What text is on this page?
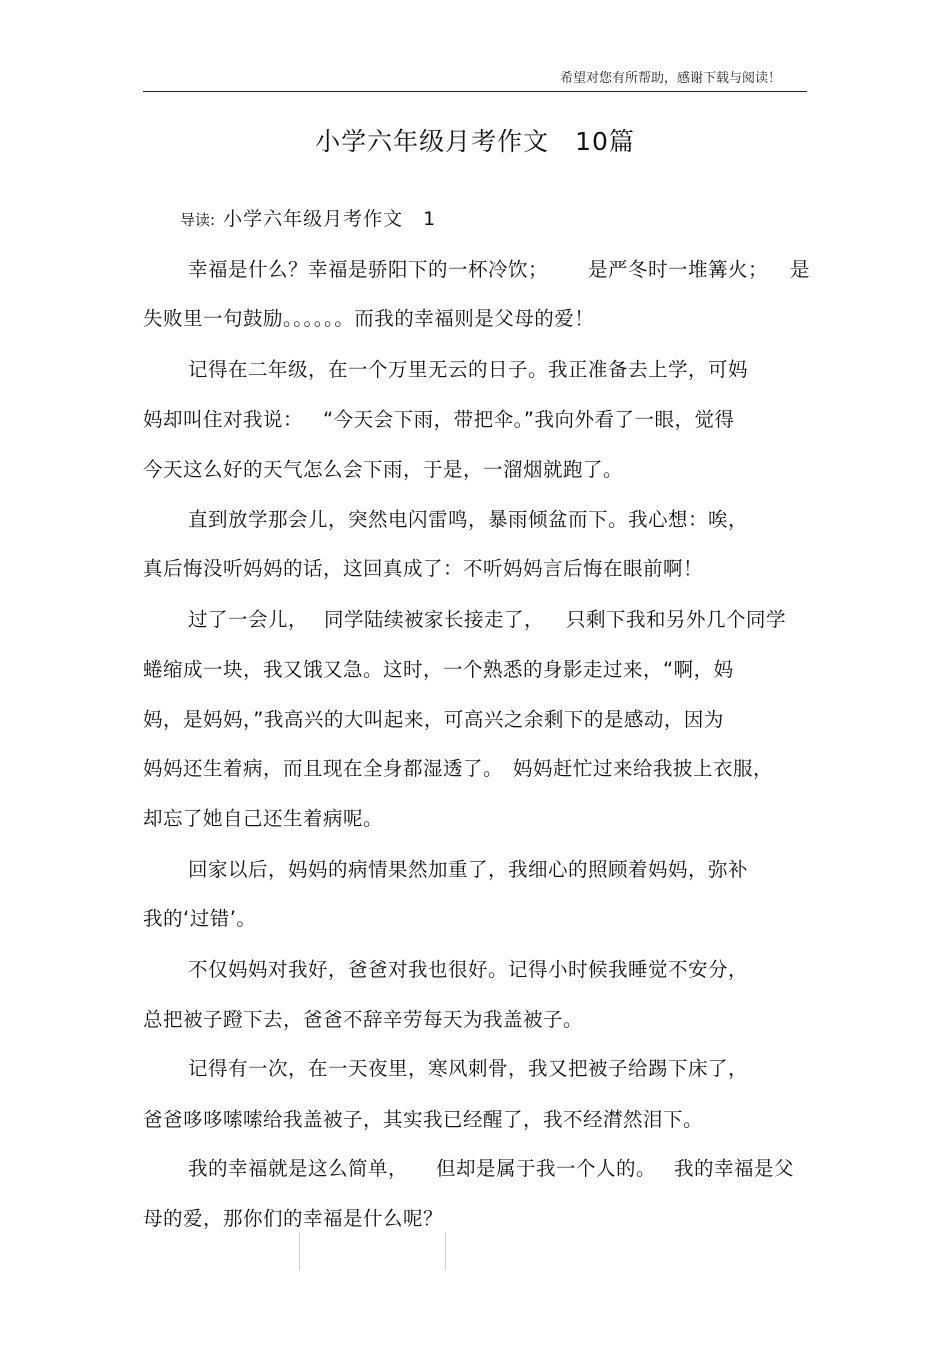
希望对您有所帮助，感谢下载与阅读！
小学六年级月考作文　10篇
导读: 小学六年级月考作文　1
幸福是什么？幸福是骄阳下的一杯冷饮； 是严冬时一堆篝火； 是
失败里一句鼓励。。。。。。而我的幸福则是父母的爱！
记得在二年级，在一个万里无云的日子。我正准备去上学，可妈
妈却叫住对我说： “今天会下雨，带把伞。”我向外看了一眼，觉得
今天这么好的天气怎么会下雨，于是，一溜烟就跑了。
直到放学那会儿，突然电闪雷鸣，暴雨倾盆而下。我心想：唉，
真后悔没听妈妈的话，这回真成了：不听妈妈言后悔在眼前啊！
过了一会儿， 同学陆续被家长接走了， 只剩下我和另外几个同学
蜷缩成一块，我又饿又急。这时，一个熟悉的身影走过来，“啊，妈
妈，是妈妈，”我高兴的大叫起来，可高兴之余剩下的是感动，因为
妈妈还生着病，而且现在全身都湿透了。 妈妈赶忙过来给我披上衣服，
却忘了她自己还生着病呢。
回家以后，妈妈的病情果然加重了，我细心的照顾着妈妈，弥补
我的‘过错’。
不仅妈妈对我好，爸爸对我也很好。记得小时候我睡觉不安分，
总把被子蹬下去，爸爸不辞辛劳每天为我盖被子。
记得有一次，在一天夜里，寒风刺骨，我又把被子给踢下床了，
爸爸哆哆嗦嗦给我盖被子，其实我已经醒了，我不经潸然泪下。
我的幸福就是这么简单， 但却是属于我一个人的。 我的幸福是父
母的爱，那你们的幸福是什么呢？
